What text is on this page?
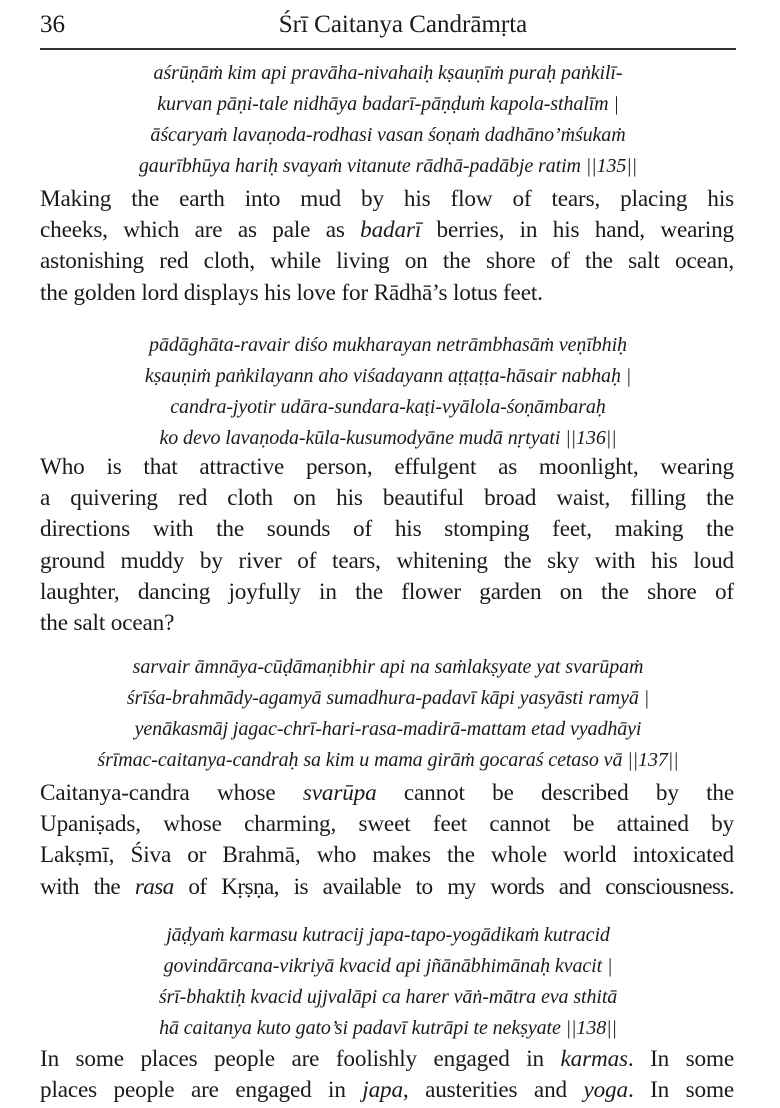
36	Śrī Caitanya Candrāmṛta
aśrūṇāṁ kim api pravāha-nivahaiḥ kṣauṇīṁ puraḥ paṅkilī-
kurvan pāṇi-tale nidhāya badarī-pāṇḍuṁ kapola-sthalīm |
āścaryaṁ lavaṇoda-rodhasi vasan śoṇaṁ dadhāno’ṁśukaṁ
gaurībhūya hariḥ svayaṁ vitanute rādhā-padābje ratim ||135||
Making the earth into mud by his flow of tears, placing his
cheeks, which are as pale as badarī berries, in his hand, wearing
astonishing red cloth, while living on the shore of the salt ocean,
the golden lord displays his love for Rādhā’s lotus feet.
pādāghāta-ravair diśo mukharayan netrāmbhasāṁ veṇībhiḥ
kṣauṇiṁ paṅkilayann aho viśadayann aṭṭaṭṭa-hāsair nabhaḥ |
candra-jyotir udāra-sundara-kaṭi-vyālola-śoṇāmbaraḥ
ko devo lavaṇoda-kūla-kusumodyāne mudā nṛtyati ||136||
Who is that attractive person, effulgent as moonlight, wearing
a quivering red cloth on his beautiful broad waist, filling the
directions with the sounds of his stomping feet, making the
ground muddy by river of tears, whitening the sky with his loud
laughter, dancing joyfully in the flower garden on the shore of
the salt ocean?
sarvair āmnāya-cūḍāmaṇibhir api na saṁlakṣyate yat svarūpaṁ
śrīśa-brahmādy-agamyā sumadhura-padavī kāpi yasyāsti ramyā |
yenākasmāj jagac-chrī-hari-rasa-madirā-mattam etad vyadhāyi
śrīmac-caitanya-candraḥ sa kim u mama girāṁ gocaraś cetaso vā ||137||
Caitanya-candra whose svarūpa cannot be described by the
Upaniṣads, whose charming, sweet feet cannot be attained by
Lakṣmī, Śiva or Brahmā, who makes the whole world intoxicated
with the rasa of Kṛṣṇa, is available to my words and consciousness.
jāḍyaṁ karmasu kutracij japa-tapo-yogādikaṁ kutracid
govindārcana-vikriyā kvacid api jñānābhimānaḥ kvacit |
śrī-bhaktiḥ kvacid ujjvalāpi ca harer vāṅ-mātra eva sthitā
hā caitanya kuto gato’si padavī kutrāpi te nekṣyate ||138||
In some places people are foolishly engaged in karmas. In some
places people are engaged in japa, austerities and yoga. In some
